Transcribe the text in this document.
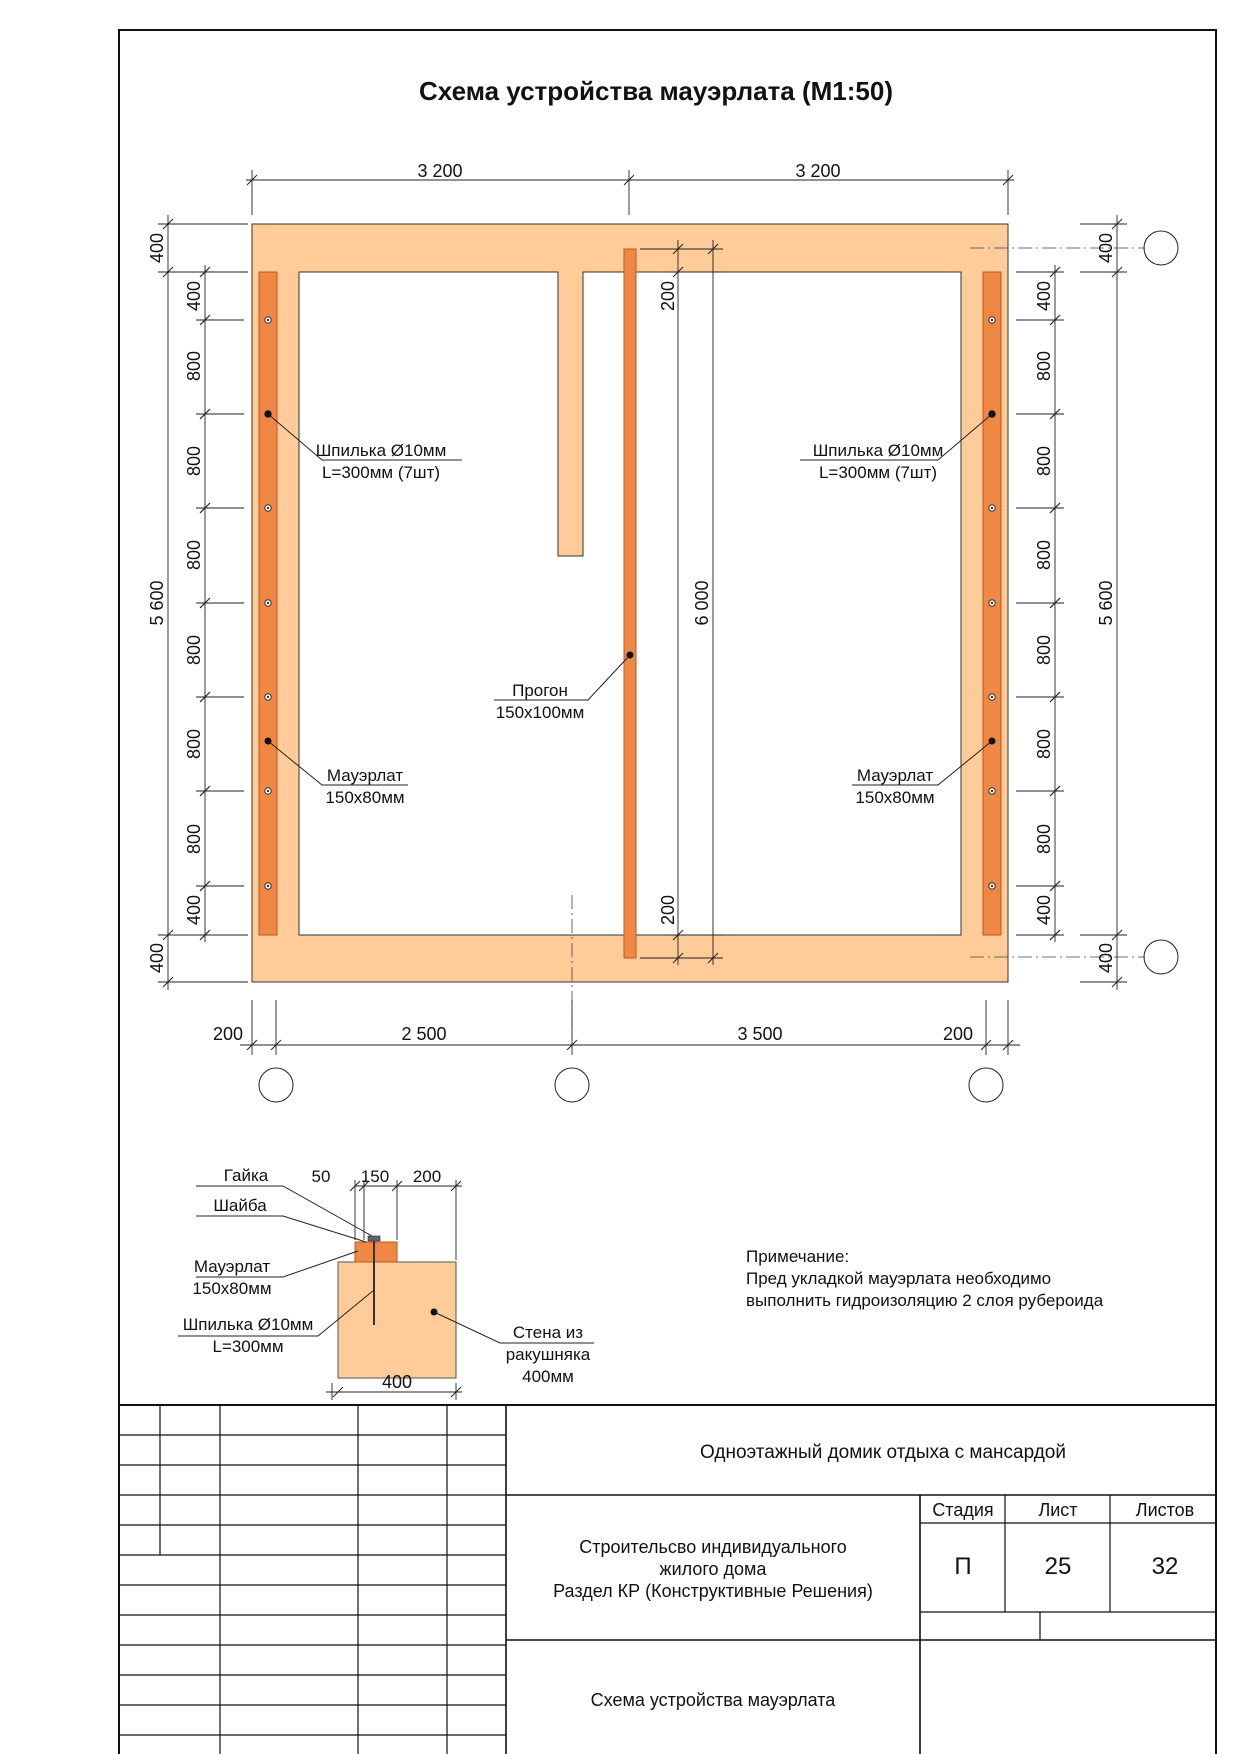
Схема устройства мауэрлата (М1:50)
3 200	3 200
200	2 500	3 500	200
400
5 600
400
400
800
800
800
800
800
800
400
400
800
800
800
800
800
800
400
400
5 600
400
6 000
200
200
Шпилька Ø10мм
L=300мм (7шт)
Мауэрлат
150х80мм
Шпилька Ø10мм
L=300мм (7шт)
Мауэрлат
150х80мм
Прогон
150х100мм
50 150 200
400
Гайка
Шайба
Мауэрлат
150х80мм
Шпилька Ø10мм
L=300мм
Стена из
ракушняка
400мм
Примечание:
Пред укладкой мауэрлата необходимо
выполнить гидроизоляцию 2 слоя рубероида
Одноэтажный домик отдыха с мансардой
Строительсво индивидуального
жилого дома
Раздел КР (Конструктивные Решения)
Стадия Лист	Листов
П	25	32
Схема устройства мауэрлата
